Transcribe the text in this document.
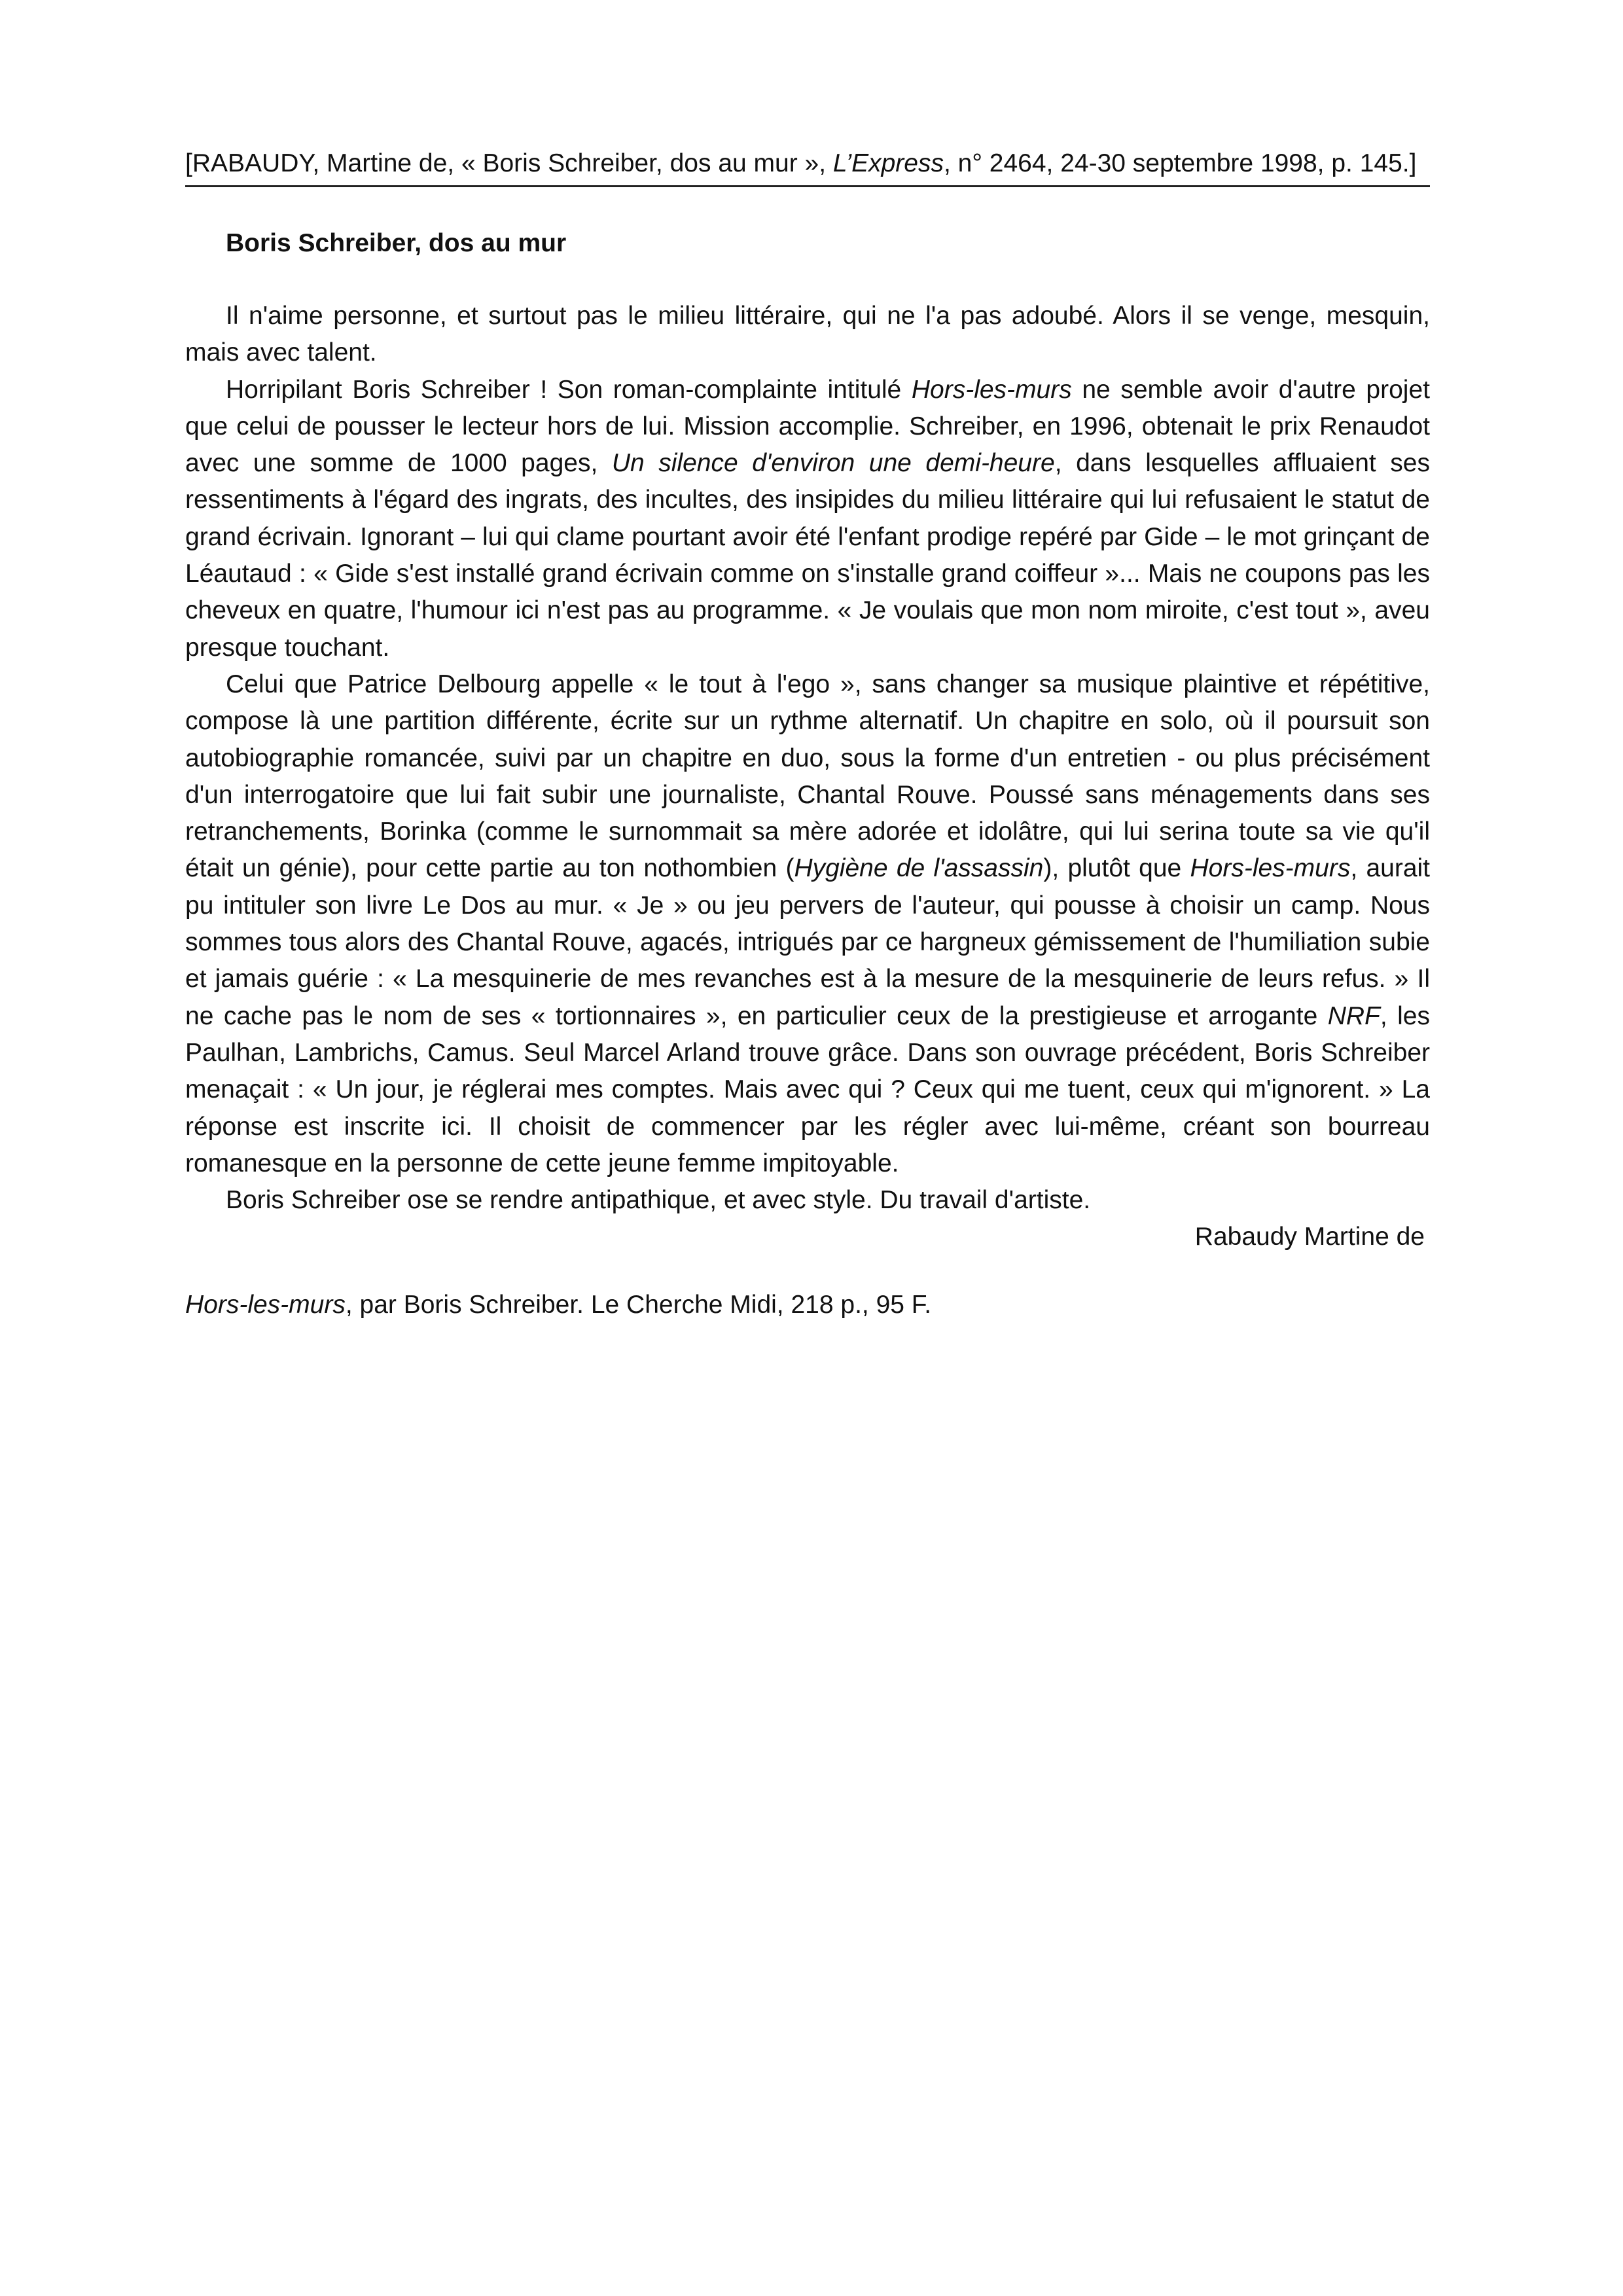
[RABAUDY, Martine de, « Boris Schreiber, dos au mur », L’Express, n° 2464, 24-30 septembre 1998, p. 145.]
Boris Schreiber, dos au mur

Il n'aime personne, et surtout pas le milieu littéraire, qui ne l'a pas adoubé. Alors il se venge, mesquin, mais avec talent.

Horripilant Boris Schreiber ! Son roman-complainte intitulé Hors-les-murs ne semble avoir d'autre projet que celui de pousser le lecteur hors de lui. Mission accomplie. Schreiber, en 1996, obtenait le prix Renaudot avec une somme de 1000 pages, Un silence d'environ une demi-heure, dans lesquelles affluaient ses ressentiments à l'égard des ingrats, des incultes, des insipides du milieu littéraire qui lui refusaient le statut de grand écrivain. Ignorant – lui qui clame pourtant avoir été l'enfant prodige repéré par Gide – le mot grinçant de Léautaud : « Gide s'est installé grand écrivain comme on s'installe grand coiffeur »... Mais ne coupons pas les cheveux en quatre, l'humour ici n'est pas au programme. « Je voulais que mon nom miroite, c'est tout », aveu presque touchant.

Celui que Patrice Delbourg appelle « le tout à l'ego », sans changer sa musique plaintive et répétitive, compose là une partition différente, écrite sur un rythme alternatif. Un chapitre en solo, où il poursuit son autobiographie romancée, suivi par un chapitre en duo, sous la forme d'un entretien - ou plus précisément d'un interrogatoire que lui fait subir une journaliste, Chantal Rouve. Poussé sans ménagements dans ses retranchements, Borinka (comme le surnommait sa mère adorée et idolâtre, qui lui serina toute sa vie qu'il était un génie), pour cette partie au ton nothombien (Hygiène de l'assassin), plutôt que Hors-les-murs, aurait pu intituler son livre Le Dos au mur. « Je » ou jeu pervers de l'auteur, qui pousse à choisir un camp. Nous sommes tous alors des Chantal Rouve, agacés, intrigués par ce hargneux gémissement de l'humiliation subie et jamais guérie : « La mesquinerie de mes revanches est à la mesure de la mesquinerie de leurs refus. » Il ne cache pas le nom de ses « tortionnaires », en particulier ceux de la prestigieuse et arrogante NRF, les Paulhan, Lambrichs, Camus. Seul Marcel Arland trouve grâce. Dans son ouvrage précédent, Boris Schreiber menaçait : « Un jour, je réglerai mes comptes. Mais avec qui ? Ceux qui me tuent, ceux qui m'ignorent. » La réponse est inscrite ici. Il choisit de commencer par les régler avec lui-même, créant son bourreau romanesque en la personne de cette jeune femme impitoyable.

Boris Schreiber ose se rendre antipathique, et avec style. Du travail d'artiste.

Rabaudy Martine de
Hors-les-murs, par Boris Schreiber. Le Cherche Midi, 218 p., 95 F.
